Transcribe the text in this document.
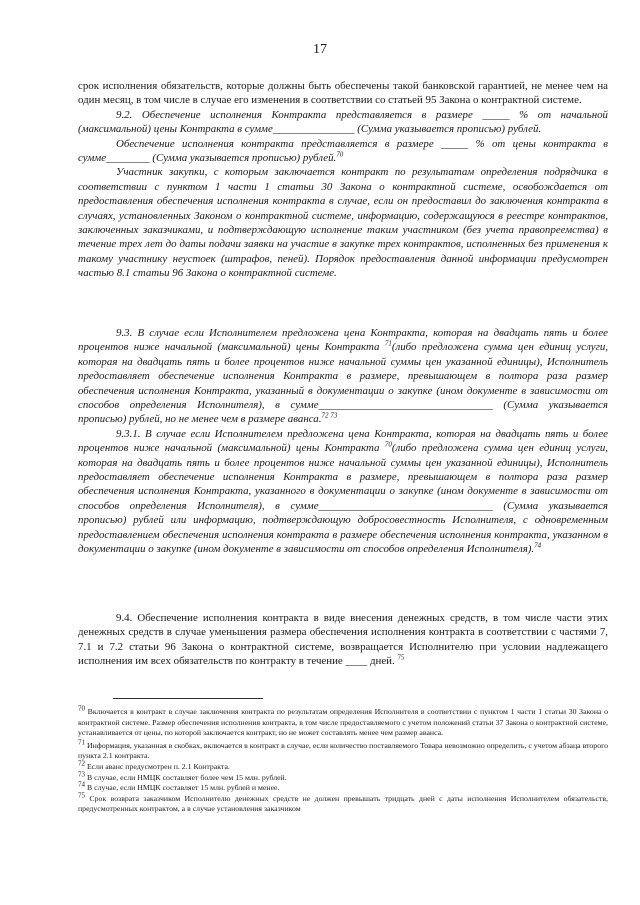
17

срок исполнения обязательств, которые должны быть обеспечены такой банковской гарантией, не менее чем на один месяц, в том числе в случае его изменения в соответствии со статьей 95 Закона о контрактной системе.

9.2. Обеспечение исполнения Контракта представляется в размере _____ % от начальной (максимальной) цены Контракта в сумме_______________ (Сумма указывается прописью) рублей.

Обеспечение исполнения контракта представляется в размере _____ % от цены контракта в сумме________ (Сумма указывается прописью) рублей.$^{70}$

Участник закупки, с которым заключается контракт по результатам определения подрядчика в соответствии с пунктом 1 части 1 статьи 30 Закона о контрактной системе, освобождается от предоставления обеспечения исполнения контракта в случае, если он предоставил до заключения контракта в случаях, установленных Законом о контрактной системе, информацию, содержащуюся в реестре контрактов, заключенных заказчиками, и подтверждающую исполнение таким участником (без учета правопреемства) в течение трех лет до даты подачи заявки на участие в закупке трех контрактов, исполненных без применения к такому участнику неустоек (штрафов, пеней). Порядок предоставления данной информации предусмотрен частью 8.1 статьи 96 Закона о контрактной системе.

9.3. В случае если Исполнителем предложена цена Контракта, которая на двадцать пять и более процентов ниже начальной (максимальной) цены Контракта $^{71}$(либо предложена сумма цен единиц услуги, которая на двадцать пять и более процентов ниже начальной суммы цен указанной единицы), Исполнитель предоставляет обеспечение исполнения Контракта в размере, превышающем в полтора раза размер обеспечения исполнения Контракта, указанный в документации о закупке (ином документе в зависимости от способов определения Исполнителя), в сумме________________________________ (Сумма указывается прописью) рублей, но не менее чем в размере аванса.$^{72 73}$

9.3.1. В случае если Исполнителем предложена цена Контракта, которая на двадцать пять и более процентов ниже начальной (максимальной) цены Контракта $^{70}$(либо предложена сумма цен единиц услуги, которая на двадцать пять и более процентов ниже начальной суммы цен указанной единицы), Исполнитель предоставляет обеспечение исполнения Контракта в размере, превышающем в полтора раза размер обеспечения исполнения Контракта, указанного в документации о закупке (ином документе в зависимости от способов определения Исполнителя), в сумме________________________________ (Сумма указывается прописью) рублей или информацию, подтверждающую добросовестность Исполнителя, с одновременным предоставлением обеспечения исполнения контракта в размере обеспечения исполнения контракта, указанном в документации о закупке (ином документе в зависимости от способов определения Исполнителя).$^{74}$

9.4. Обеспечение исполнения контракта в виде внесения денежных средств, в том числе части этих денежных средств в случае уменьшения размера обеспечения исполнения контракта в соответствии с частями 7, 7.1 и 7.2 статьи 96 Закона о контрактной системе, возвращается Исполнителю при условии надлежащего исполнения им всех обязательств по контракту в течение ____ дней. $^{75}$

70 Включается в контракт в случае заключения контракта по результатам определения Исполнителя в соответствии с пунктом 1 части 1 статьи 30 Закона о контрактной системе. Размер обеспечения исполнения контракта, в том числе предоставляемого с учетом положений статьи 37 Закона о контрактной системе, устанавливается от цены, по которой заключается контракт, но не может составлять менее чем размер аванса.

71 Информация, указанная в скобках, включается в контракт в случае, если количество поставляемого Товара невозможно определить, с учетом абзаца второго пункта 2.1 контракта.

72 Если аванс предусмотрен п. 2.1 Контракта.

73 В случае, если НМЦК составляет более чем 15 млн. рублей.

74 В случае, если НМЦК составляет 15 млн. рублей и менее.

75 Срок возврата заказчиком Исполнителю денежных средств не должен превышать тридцать дней с даты исполнения Исполнителем обязательств, предусмотренных контрактом, а в случае установления заказчиком
